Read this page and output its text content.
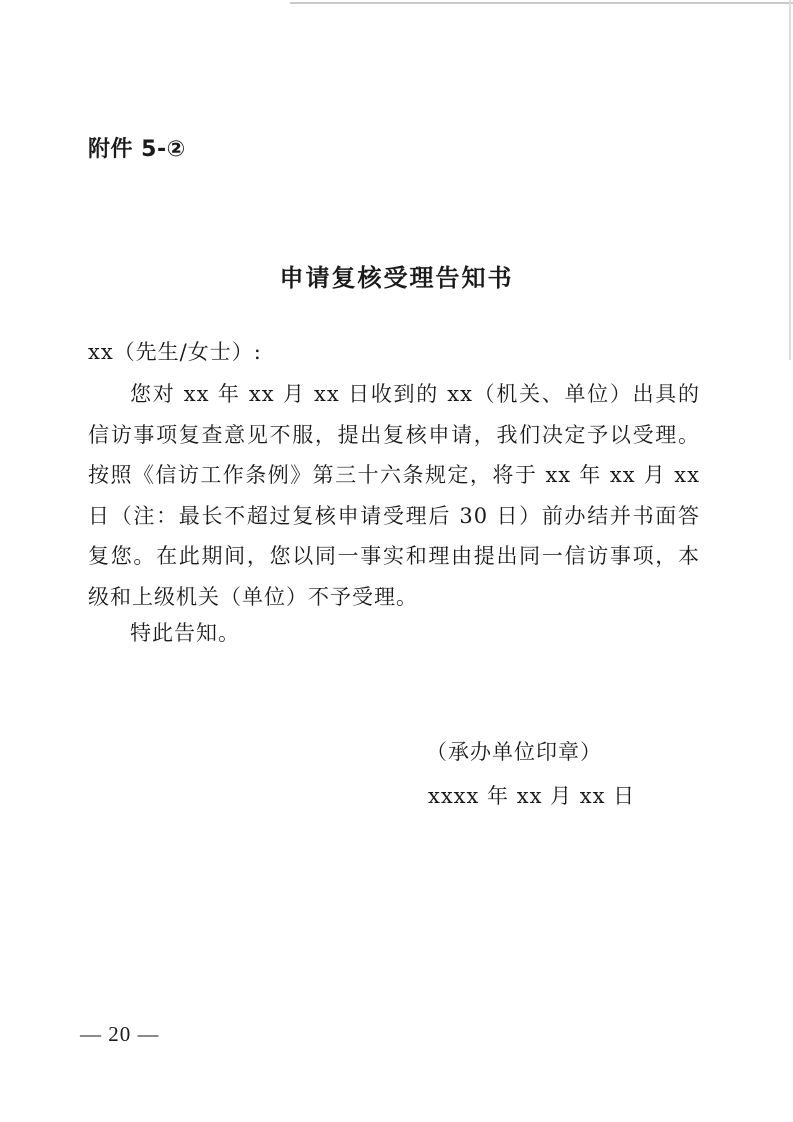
附件 5-②
申请复核受理告知书
xx（先生/女士）:

您对 xx 年 xx 月 xx 日收到的 xx（机关、单位）出具的信访事项复查意见不服，提出复核申请，我们决定予以受理。按照《信访工作条例》第三十六条规定，将于 xx 年 xx 月 xx 日（注：最长不超过复核申请受理后 30 日）前办结并书面答复您。在此期间，您以同一事实和理由提出同一信访事项，本级和上级机关（单位）不予受理。

特此告知。
（承办单位印章）
xxxx 年 xx 月 xx 日
— 20 —
